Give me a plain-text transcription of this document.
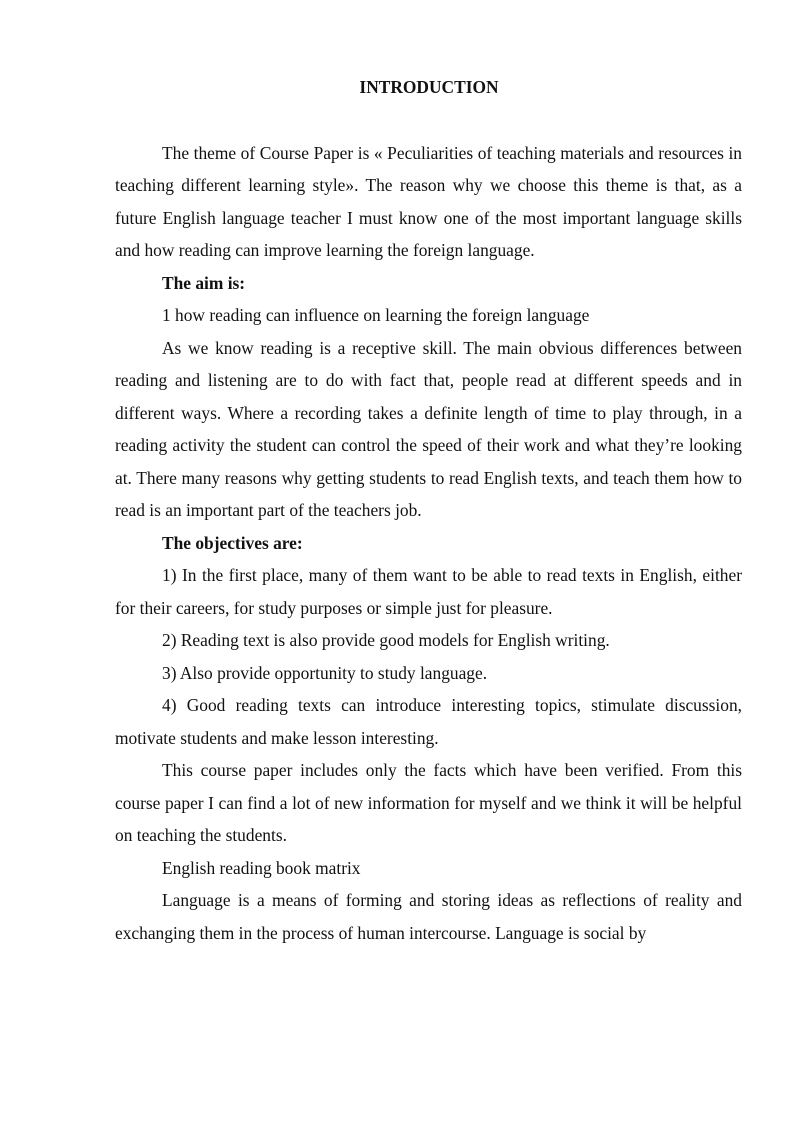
INTRODUCTION

The theme of Course Paper is « Peculiarities of teaching materials and resources in teaching different learning style». The reason why we choose this theme is that, as a future English language teacher I must know one of the most important language skills and how reading can improve learning the foreign language.

The aim is:

1 how reading can influence on learning the foreign language

As we know reading is a receptive skill. The main obvious differences between reading and listening are to do with fact that, people read at different speeds and in different ways. Where a recording takes a definite length of time to play through, in a reading activity the student can control the speed of their work and what they’re looking at. There many reasons why getting students to read English texts, and teach them how to read is an important part of the teachers job.

The objectives are:

1) In the first place, many of them want to be able to read texts in English, either for their careers, for study purposes or simple just for pleasure.

2) Reading text is also provide good models for English writing.

3) Also provide opportunity to study language.

4) Good reading texts can introduce interesting topics, stimulate discussion, motivate students and make lesson interesting.

This course paper includes only the facts which have been verified. From this course paper I can find a lot of new information for myself and we think it will be helpful on teaching the students.

English reading book matrix

Language is a means of forming and storing ideas as reflections of reality and exchanging them in the process of human intercourse. Language is social by
